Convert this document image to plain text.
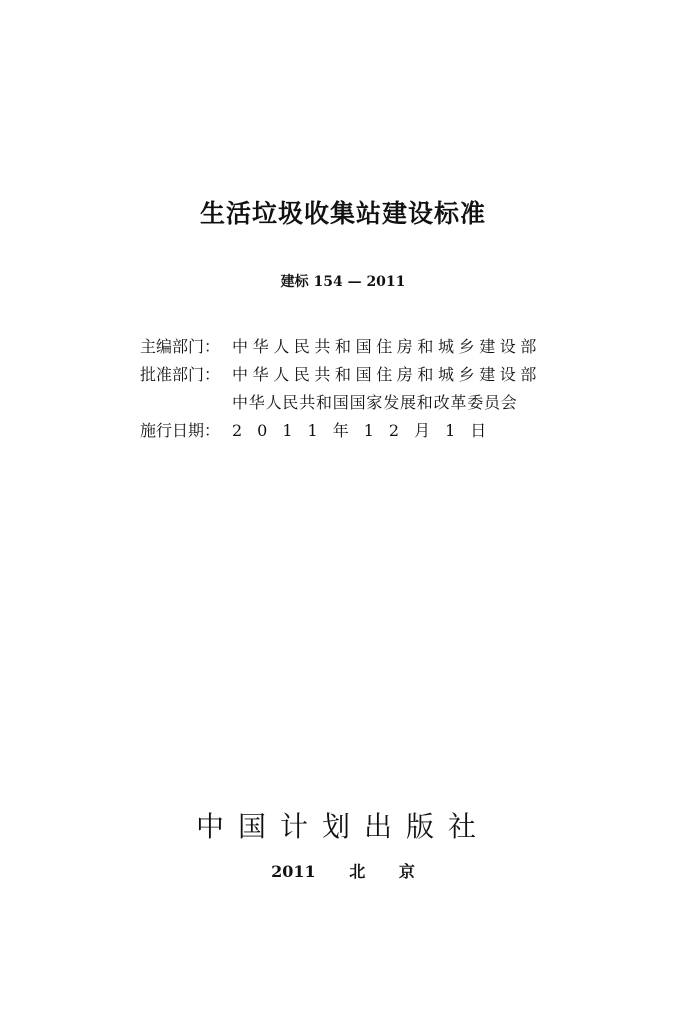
生活垃圾收集站建设标准
建标 154 — 2011
主编部门： 中华人民共和国住房和城乡建设部
批准部门： 中华人民共和国住房和城乡建设部
中华人民共和国国家发展和改革委员会
施行日期： 2011年12月1日
中国计划出版社
2011 北 京
